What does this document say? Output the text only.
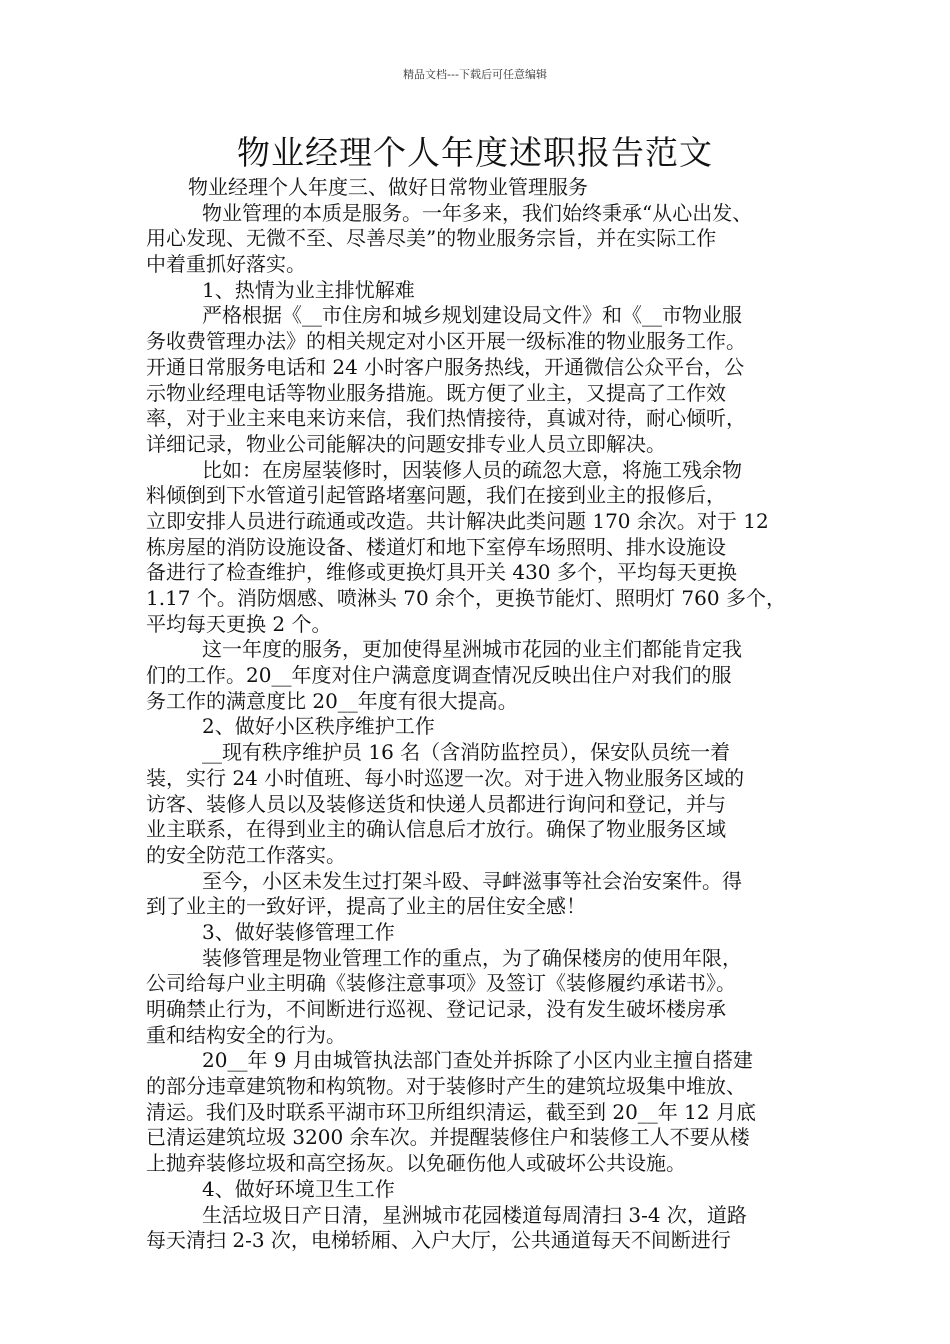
精品文档---下载后可任意编辑
物业经理个人年度述职报告范文
物业经理个人年度三、做好日常物业管理服务
物业管理的本质是服务。一年多来，我们始终秉承“从心出发、
用心发现、无微不至、尽善尽美”的物业服务宗旨，并在实际工作
中着重抓好落实。
1、热情为业主排忧解难
严格根据《__市住房和城乡规划建设局文件》和《__市物业服
务收费管理办法》的相关规定对小区开展一级标准的物业服务工作。
开通日常服务电话和 24 小时客户服务热线，开通微信公众平台，公
示物业经理电话等物业服务措施。既方便了业主，又提高了工作效
率，对于业主来电来访来信，我们热情接待，真诚对待，耐心倾听，
详细记录，物业公司能解决的问题安排专业人员立即解决。
比如：在房屋装修时，因装修人员的疏忽大意，将施工残余物
料倾倒到下水管道引起管路堵塞问题，我们在接到业主的报修后，
立即安排人员进行疏通或改造。共计解决此类问题 170 余次。对于 12
栋房屋的消防设施设备、楼道灯和地下室停车场照明、排水设施设
备进行了检查维护，维修或更换灯具开关 430 多个，平均每天更换
1.17 个。消防烟感、喷淋头 70 余个，更换节能灯、照明灯 760 多个，
平均每天更换 2 个。
这一年度的服务，更加使得星洲城市花园的业主们都能肯定我
们的工作。20__年度对住户满意度调查情况反映出住户对我们的服
务工作的满意度比 20__年度有很大提高。
2、做好小区秩序维护工作
__现有秩序维护员 16 名（含消防监控员），保安队员统一着
装，实行 24 小时值班、每小时巡逻一次。对于进入物业服务区域的
访客、装修人员以及装修送货和快递人员都进行询问和登记，并与
业主联系，在得到业主的确认信息后才放行。确保了物业服务区域
的安全防范工作落实。
至今，小区未发生过打架斗殴、寻衅滋事等社会治安案件。得
到了业主的一致好评，提高了业主的居住安全感！
3、做好装修管理工作
装修管理是物业管理工作的重点，为了确保楼房的使用年限，
公司给每户业主明确《装修注意事项》及签订《装修履约承诺书》。
明确禁止行为，不间断进行巡视、登记记录，没有发生破坏楼房承
重和结构安全的行为。
20__年 9 月由城管执法部门查处并拆除了小区内业主擅自搭建
的部分违章建筑物和构筑物。对于装修时产生的建筑垃圾集中堆放、
清运。我们及时联系平湖市环卫所组织清运，截至到 20__年 12 月底
已清运建筑垃圾 3200 余车次。并提醒装修住户和装修工人不要从楼
上抛弃装修垃圾和高空扬灰。以免砸伤他人或破坏公共设施。
4、做好环境卫生工作
生活垃圾日产日清，星洲城市花园楼道每周清扫 3-4 次，道路
每天清扫 2-3 次，电梯轿厢、入户大厅，公共通道每天不间断进行
